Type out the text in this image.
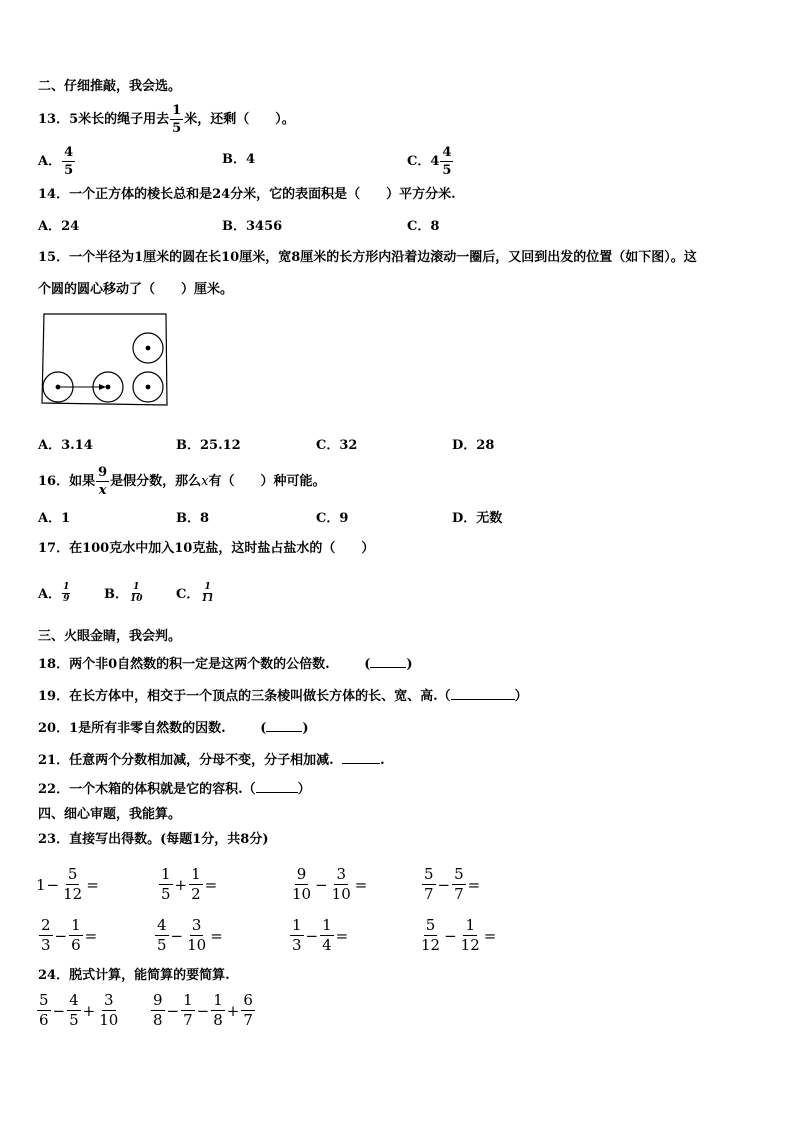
二、仔细推敲，我会选。
13．5米长的绳子用去 $\frac{1}{5}$ 米，还剩（　　）。
A． $\frac{4}{5}$	B．4	C． $4 \frac{4}{5}$
14．一个正方体的棱长总和是24分米，它的表面积是（　　）平方分米.
A．24	B．3456	C．8
15．一个半径为1厘米的圆在长10厘米，宽8厘米的长方形内沿着边滚动一圈后，又回到出发的位置（如下图）。这
个圆的圆心移动了（　　）厘米。
A．3.14	B．25.12	C．32	D．28
16．如果 $\frac{9}{x}$ 是假分数，那么 x 有（　　）种可能。
A．1	B．8	C．9	D．无数
17．在100克水中加入10克盐，这时盐占盐水的（　　）
A． $\frac{1}{9}$	B． $\frac{1}{10}$ C． $\frac{1}{11}$
三、火眼金睛，我会判。
18．两个非0自然数的积一定是这两个数的公倍数.	(	)
19．在长方体中，相交于一个顶点的三条棱叫做长方体的长、宽、高.（	）
20．1是所有非零自然数的因数.	(	)
21．任意两个分数相加减，分母不变，分子相加减.	.
22．一个木箱的体积就是它的容积.（	）
四、细心审题，我能算。
23．直接写出得数。(每题1分，共8分)
$1 - \frac{5}{12}$ =	$\frac{1}{5} + \frac{1}{2}$ =	$\frac{9}{10} - \frac{3}{10}$ =	$\frac{5}{7} - \frac{5}{7}$ =
$\frac{2}{3} - \frac{1}{6}$ =	$\frac{4}{5} - \frac{3}{10}$ =	$\frac{1}{3} - \frac{1}{4}$ =	$\frac{5}{12} - \frac{1}{12}$ =
24．脱式计算，能简算的要简算.
$\frac{5}{6} - \frac{4}{5} + \frac{3}{10} \frac{9}{8} - \frac{1}{7} - \frac{1}{8} + \frac{6}{7}$
